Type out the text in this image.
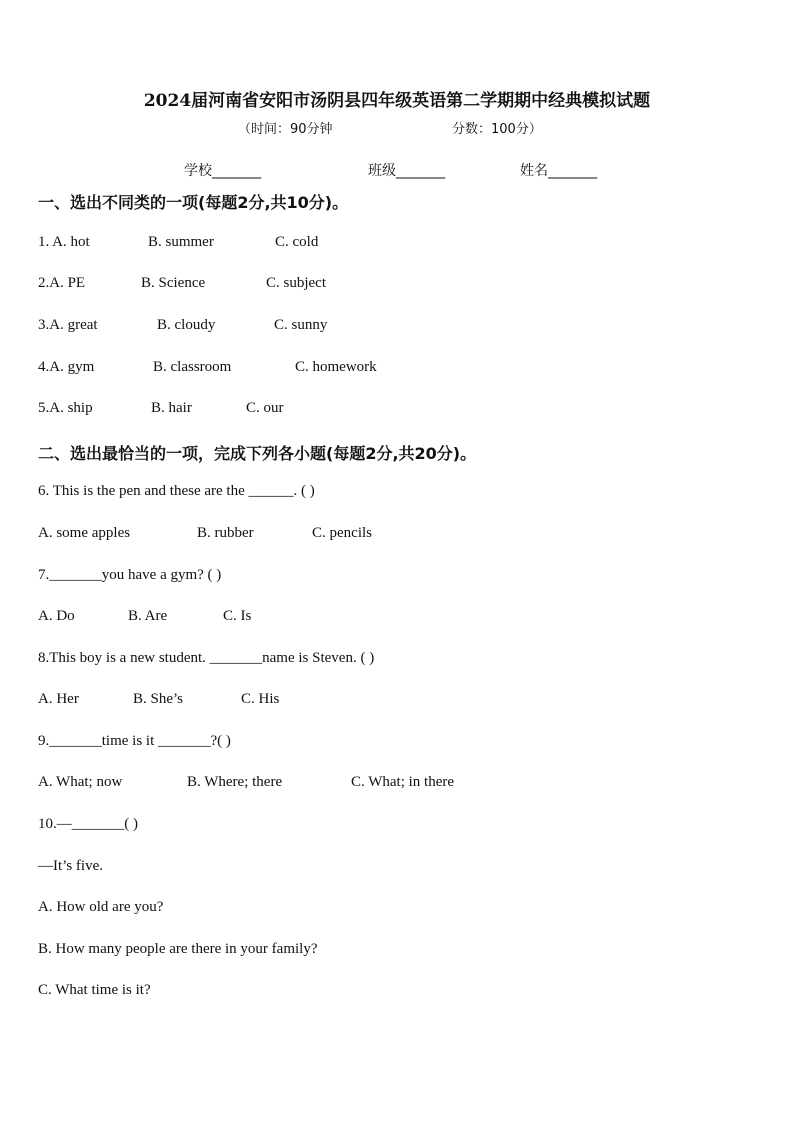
2024届河南省安阳市汤阴县四年级英语第二学期期中经典模拟试题
（时间：90分钟	分数：100分）
学校_______	班级_______	姓名_______
一、选出不同类的一项(每题2分,共10分)。
1. A. hot	B. summer	C. cold
2.A. PE	B. Science	C. subject
3.A. great	B. cloudy	C. sunny
4.A. gym	B. classroom	C. homework
5.A. ship	B. hair	C. our
二、选出最恰当的一项，完成下列各小题(每题2分,共20分)。
6. This is the pen and these are the ______. ( )
A. some apples	B. rubber	C. pencils
7._______you have a gym? ( )
A. Do	B. Are	C. Is
8.This boy is a new student. _______name is Steven. ( )
A. Her	B. She’s	C. His
9._______time is it _______?( )
A. What; now	B. Where; there	C. What; in there
10.—_______( )
—It’s five.
A. How old are you?
B. How many people are there in your family?
C. What time is it?
